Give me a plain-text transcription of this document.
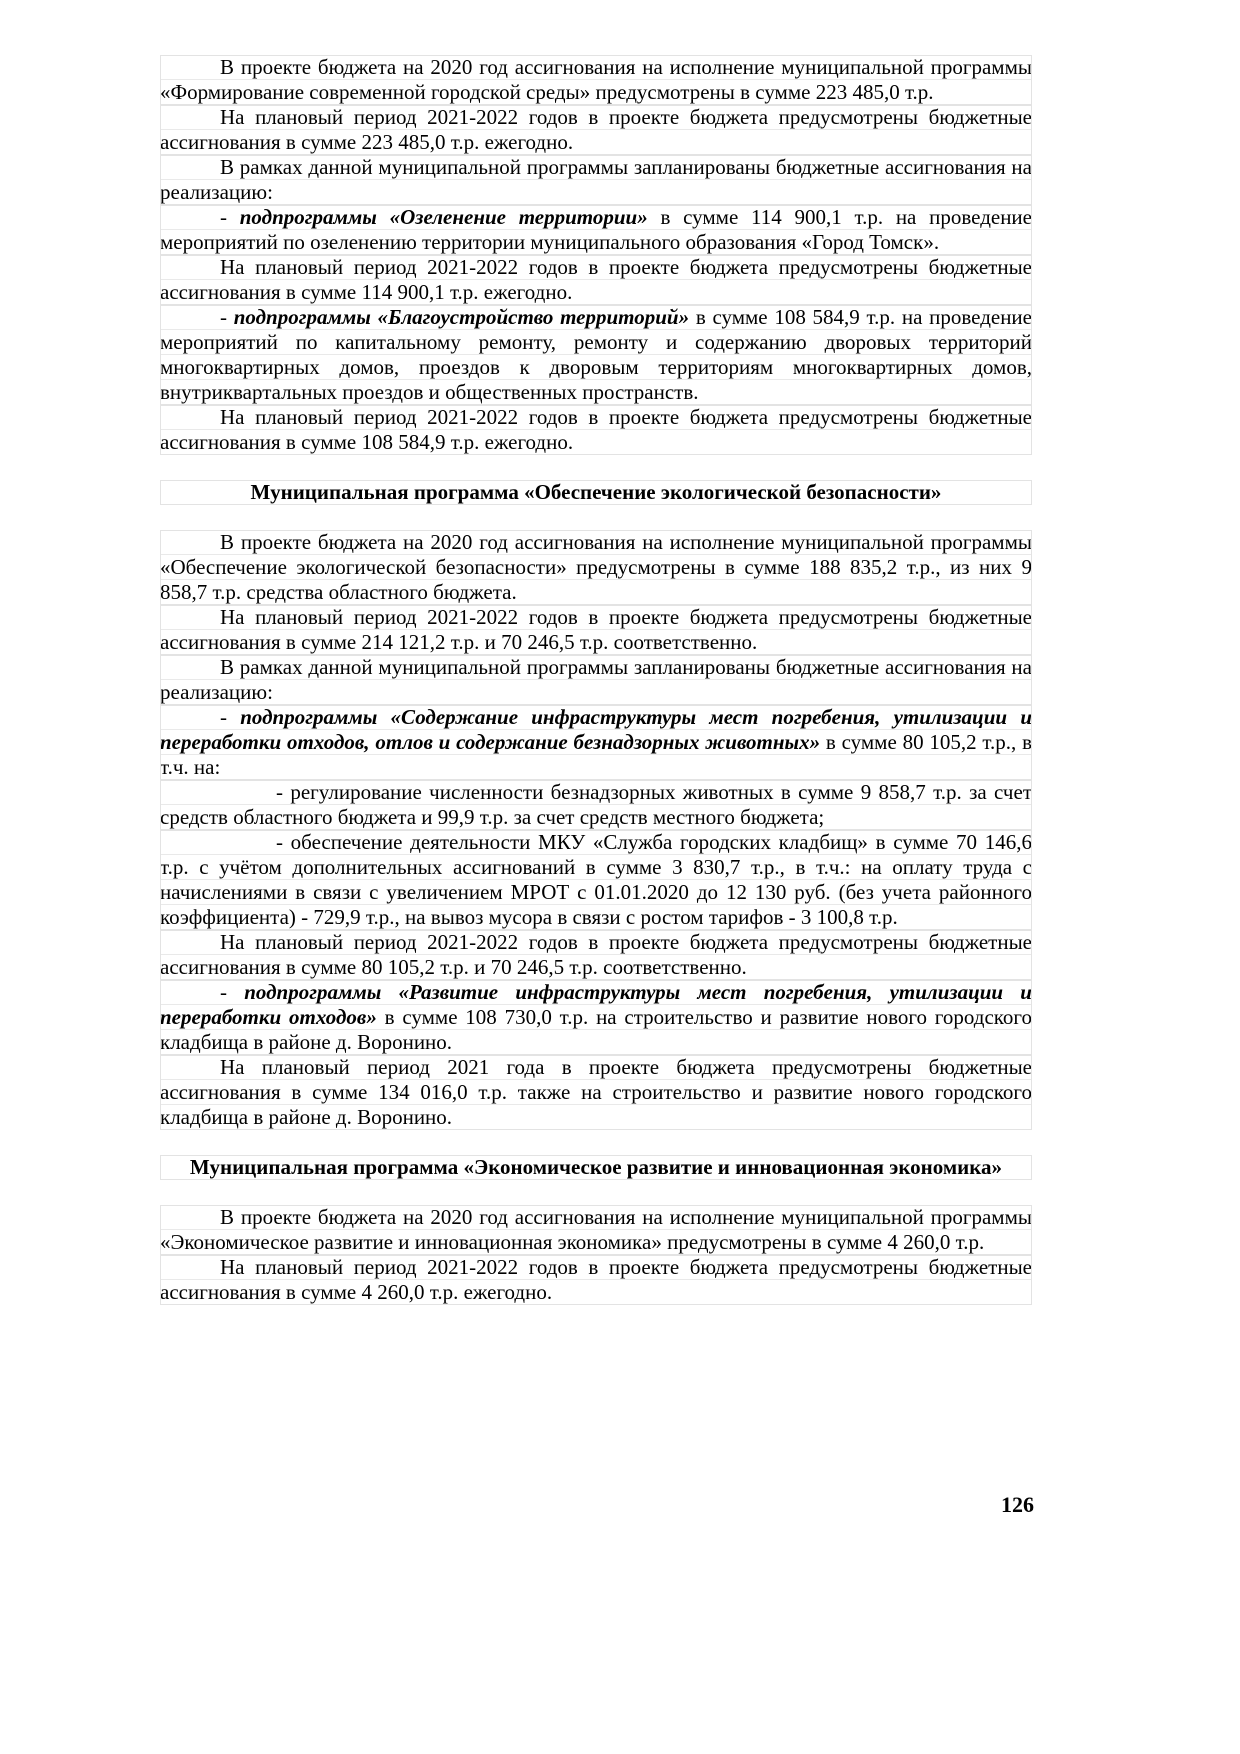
В проекте бюджета на 2020 год ассигнования на исполнение муниципальной программы «Формирование современной городской среды» предусмотрены в сумме 223 485,0 т.р.

На плановый период 2021-2022 годов в проекте бюджета предусмотрены бюджетные ассигнования в сумме 223 485,0 т.р. ежегодно.

В рамках данной муниципальной программы запланированы бюджетные ассигнования на реализацию:

- подпрограммы «Озеленение территории» в сумме 114 900,1 т.р. на проведение мероприятий по озеленению территории муниципального образования «Город Томск».

На плановый период 2021-2022 годов в проекте бюджета предусмотрены бюджетные ассигнования в сумме 114 900,1 т.р. ежегодно.

- подпрограммы «Благоустройство территорий» в сумме 108 584,9 т.р. на проведение мероприятий по капитальному ремонту, ремонту и содержанию дворовых территорий многоквартирных домов, проездов к дворовым территориям многоквартирных домов, внутриквартальных проездов и общественных пространств.

На плановый период 2021-2022 годов в проекте бюджета предусмотрены бюджетные ассигнования в сумме 108 584,9 т.р. ежегодно.

Муниципальная программа «Обеспечение экологической безопасности»

В проекте бюджета на 2020 год ассигнования на исполнение муниципальной программы «Обеспечение экологической безопасности» предусмотрены в сумме 188 835,2 т.р., из них 9 858,7 т.р. средства областного бюджета.

На плановый период 2021-2022 годов в проекте бюджета предусмотрены бюджетные ассигнования в сумме 214 121,2 т.р. и 70 246,5 т.р. соответственно.

В рамках данной муниципальной программы запланированы бюджетные ассигнования на реализацию:

- подпрограммы «Содержание инфраструктуры мест погребения, утилизации и переработки отходов, отлов и содержание безнадзорных животных» в сумме 80 105,2 т.р., в т.ч. на:

- регулирование численности безнадзорных животных в сумме 9 858,7 т.р. за счет средств областного бюджета и 99,9 т.р. за счет средств местного бюджета;

- обеспечение деятельности МКУ «Служба городских кладбищ» в сумме 70 146,6 т.р. с учётом дополнительных ассигнований в сумме 3 830,7 т.р., в т.ч.: на оплату труда с начислениями в связи с увеличением МРОТ с 01.01.2020 до 12 130 руб. (без учета районного коэффициента) - 729,9 т.р., на вывоз мусора в связи с ростом тарифов - 3 100,8 т.р.

На плановый период 2021-2022 годов в проекте бюджета предусмотрены бюджетные ассигнования в сумме 80 105,2 т.р. и 70 246,5 т.р. соответственно.

- подпрограммы «Развитие инфраструктуры мест погребения, утилизации и переработки отходов» в сумме 108 730,0 т.р. на строительство и развитие нового городского кладбища в районе д. Воронино.

На плановый период 2021 года в проекте бюджета предусмотрены бюджетные ассигнования в сумме 134 016,0 т.р. также на строительство и развитие нового городского кладбища в районе д. Воронино.

Муниципальная программа «Экономическое развитие и инновационная экономика»

В проекте бюджета на 2020 год ассигнования на исполнение муниципальной программы «Экономическое развитие и инновационная экономика» предусмотрены в сумме 4 260,0 т.р.

На плановый период 2021-2022 годов в проекте бюджета предусмотрены бюджетные ассигнования в сумме 4 260,0 т.р. ежегодно.

126
